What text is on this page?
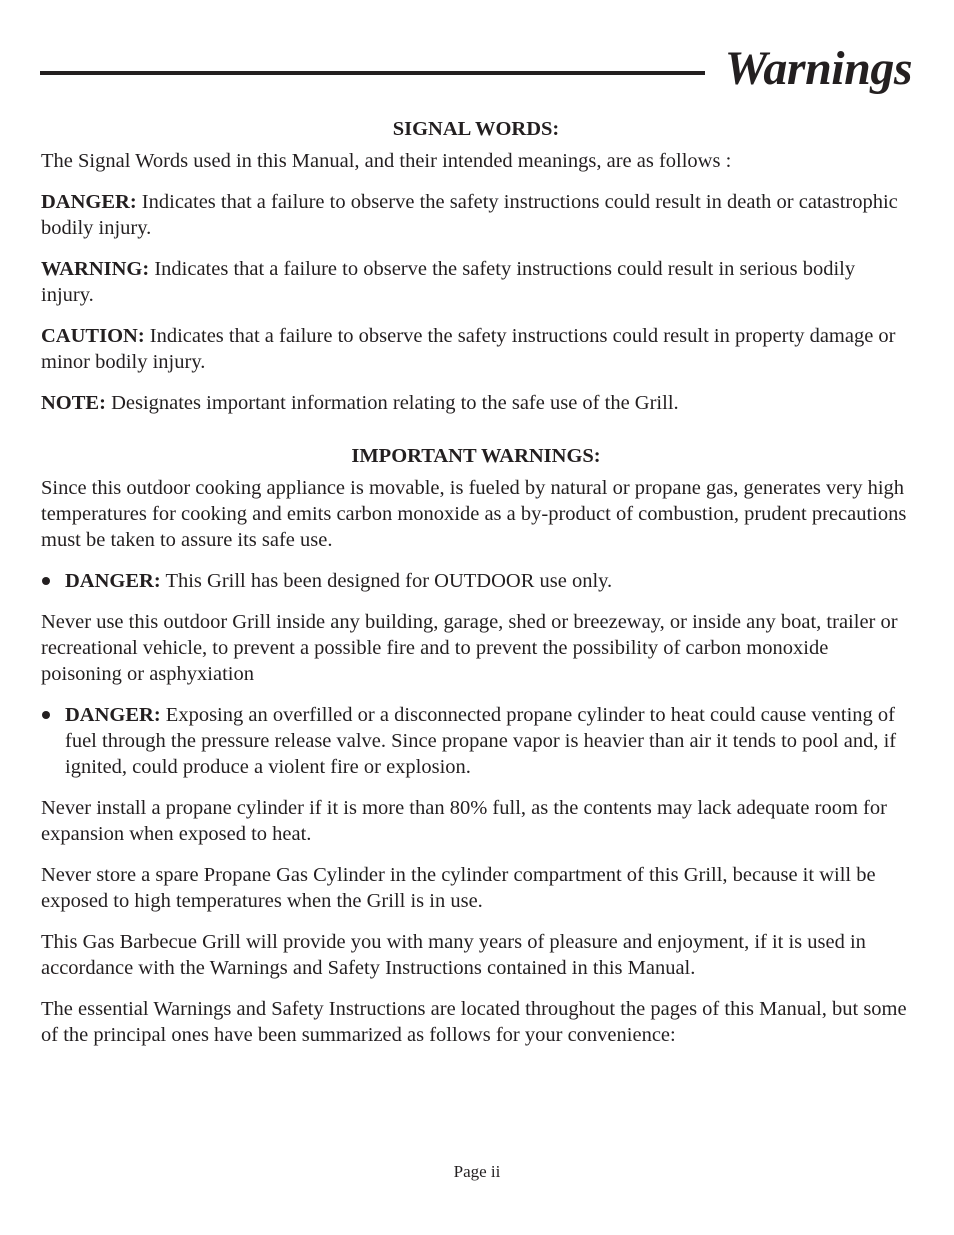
Warnings
SIGNAL WORDS:

The Signal Words used in this Manual, and their intended meanings, are as follows :

DANGER: Indicates that a failure to observe the safety instructions could result in death or catastrophic bodily injury.

WARNING: Indicates that a failure to observe the safety instructions could result in serious bodily injury.

CAUTION: Indicates that a failure to observe the safety instructions could result in property damage or minor bodily injury.

NOTE: Designates important information relating to the safe use of the Grill.

IMPORTANT WARNINGS:

Since this outdoor cooking appliance is movable, is fueled by natural or propane gas, generates very high temperatures for cooking and emits carbon monoxide as a by-product of combustion, prudent precautions must be taken to assure its safe use.

DANGER: This Grill has been designed for OUTDOOR use only.

Never use this outdoor Grill inside any building, garage, shed or breezeway, or inside any boat, trailer or recreational vehicle, to prevent a possible fire and to prevent the possibility of carbon monoxide poisoning or asphyxiation

DANGER: Exposing an overfilled or a disconnected propane cylinder to heat could cause venting of fuel through the pressure release valve. Since propane vapor is heavier than air it tends to pool and, if ignited, could produce a violent fire or explosion.

Never install a propane cylinder if it is more than 80% full, as the contents may lack adequate room for expansion when exposed to heat.

Never store a spare Propane Gas Cylinder in the cylinder compartment of this Grill, because it will be exposed to high temperatures when the Grill is in use.

This Gas Barbecue Grill will provide you with many years of pleasure and enjoyment, if it is used in accordance with the Warnings and Safety Instructions contained in this Manual.

The essential Warnings and Safety Instructions are located throughout the pages of this Manual, but some of the principal ones have been summarized as follows for your convenience:

Page ii
